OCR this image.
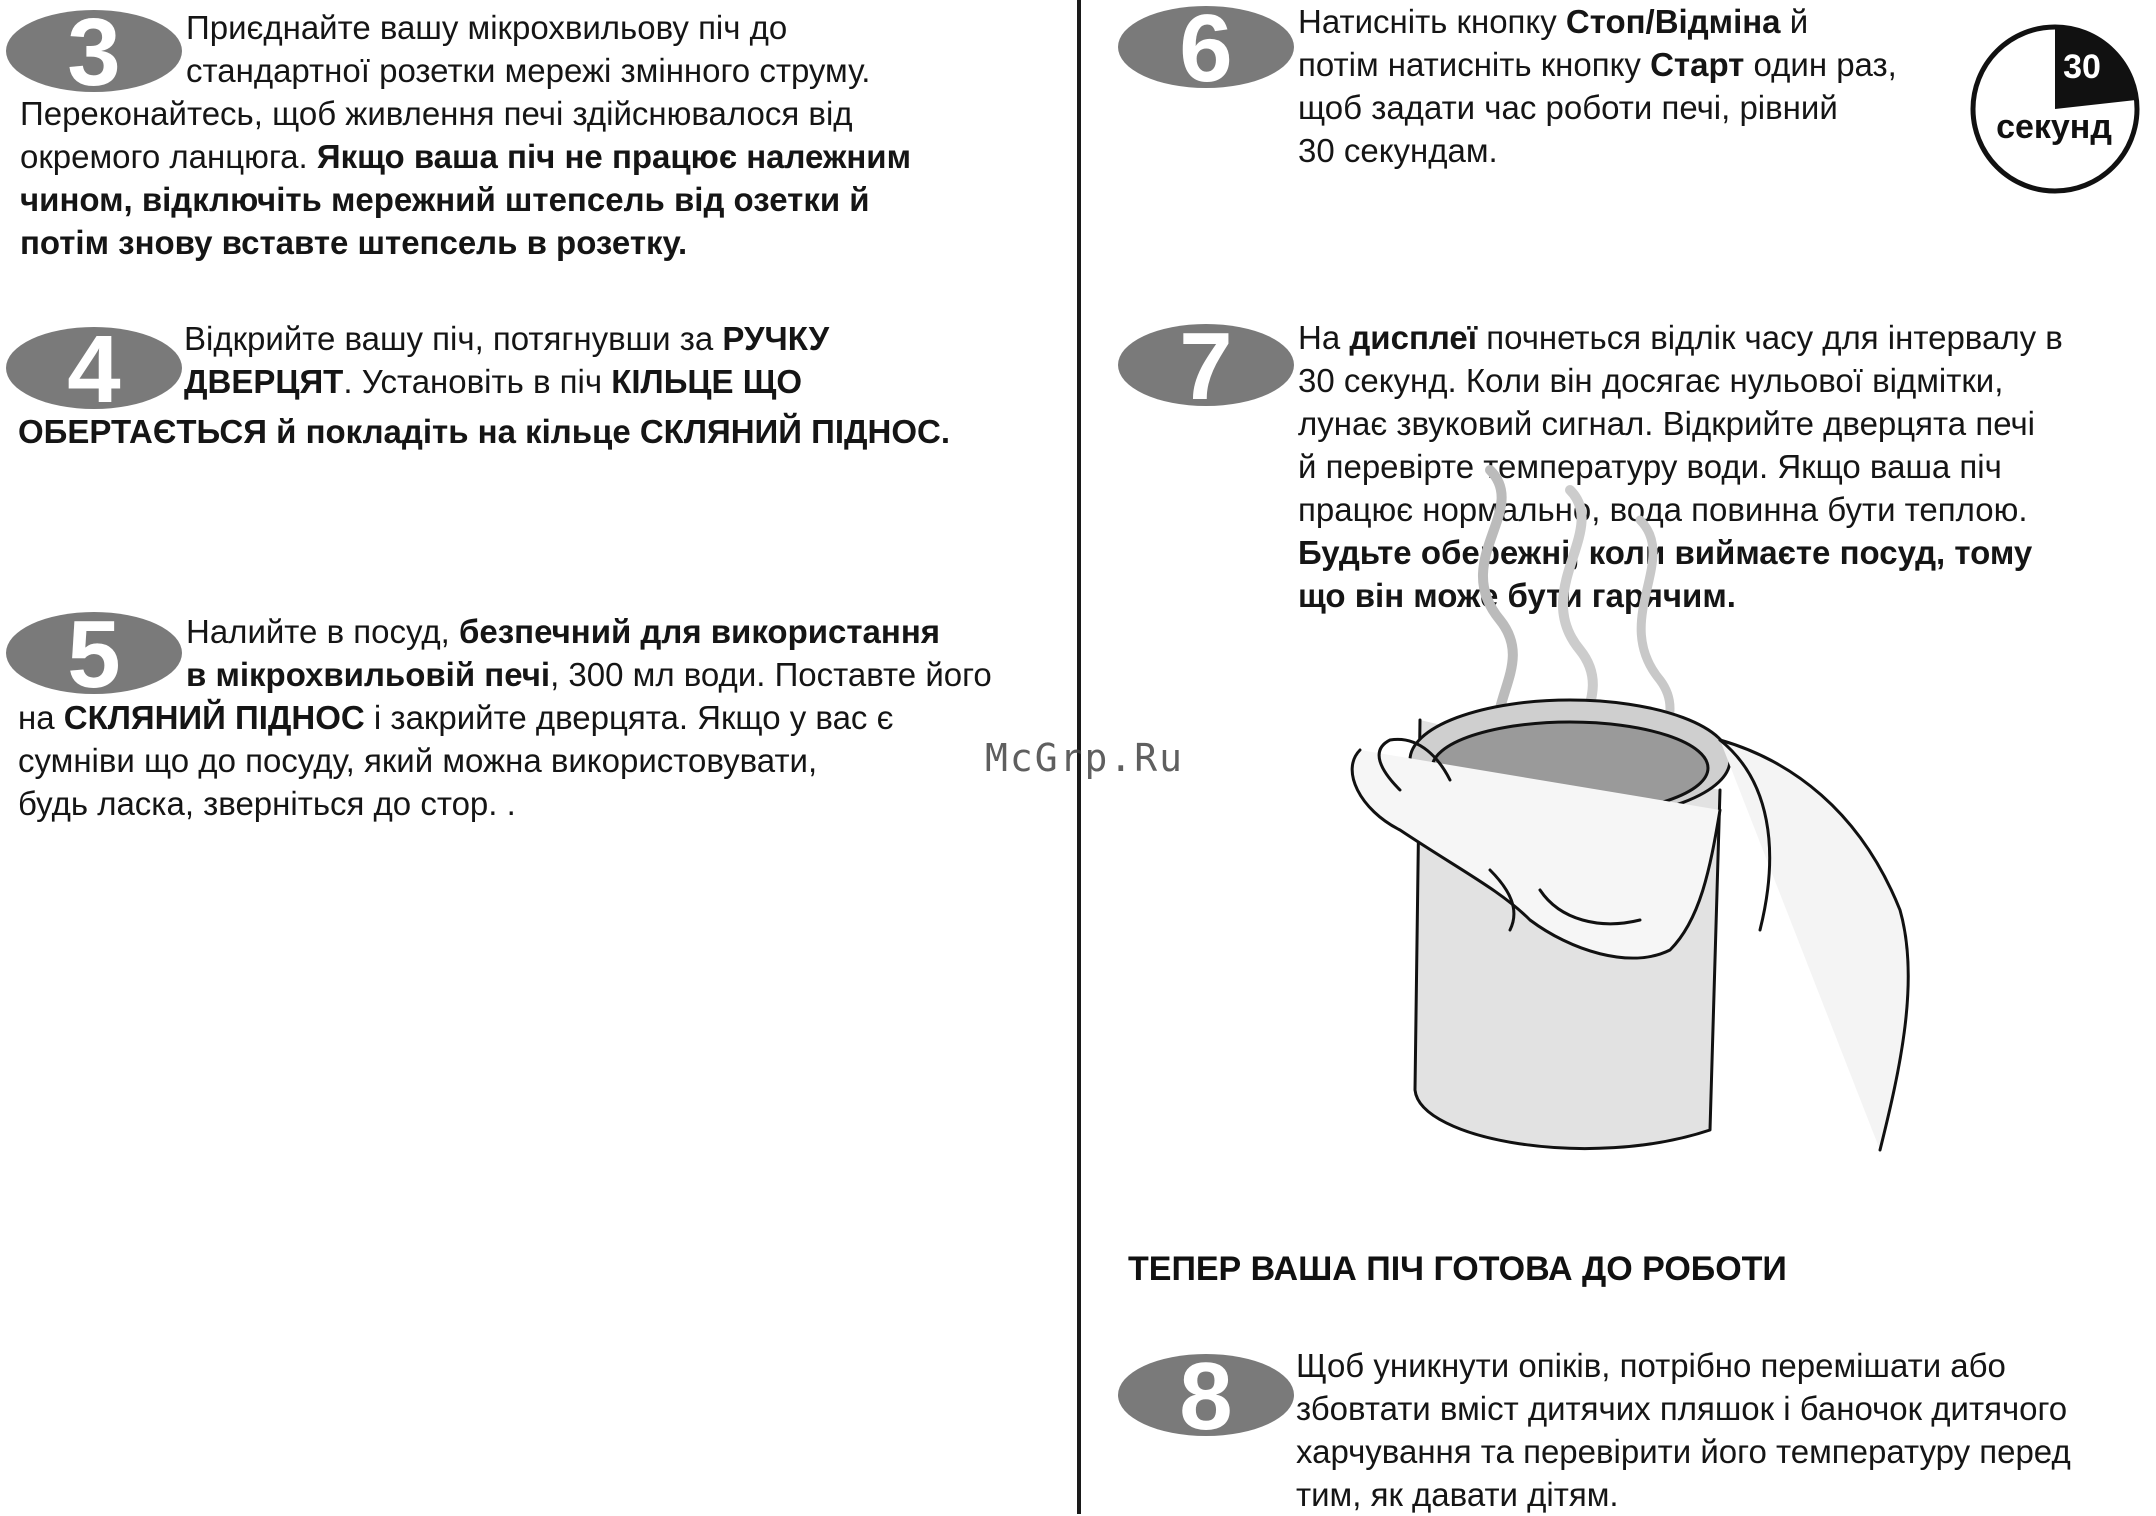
3 Приєднайте вашу мікрохвильову піч до
стандартної розетки мережі змінного струму.
Переконайтесь, щоб живлення печі здійснювалося від
окремого ланцюга. Якщо ваша піч не працює належним
чином, відключіть мережний штепсель від озетки й
потім знову вставте штепсель в розетку.
4 Відкрийте вашу піч, потягнувши за РУЧКУ
ДВЕРЦЯТ. Установіть в піч КІЛЬЦЕ ЩО
ОБЕРТАЄТЬСЯ й покладіть на кільце СКЛЯНИЙ ПІДНОС.
5 Налийте в посуд, безпечний для використання
в мікрохвильовій печі, 300 мл води. Поставте його
на СКЛЯНИЙ ПІДНОС і закрийте дверцята. Якщо у вас є
сумніви що до посуду, який можна використовувати,
будь ласка, зверніться до стор. .
McGrp.Ru
6 Натисніть кнопку Стоп/Відміна й
потім натисніть кнопку Старт один раз,
щоб задати час роботи печі, рівний
30 секундам.
30
секунд
7 На дисплеї почнеться відлік часу для інтервалу в
30 секунд. Коли він досягає нульової відмітки,
лунає звуковий сигнал. Відкрийте дверцята печі
й перевірте температуру води. Якщо ваша піч
працює нормально, вода повинна бути теплою.
Будьте обережні, коли виймаєте посуд, тому
що він може бути гарячим.
ТЕПЕР ВАША ПІЧ ГОТОВА ДО РОБОТИ
8 Щоб уникнути опіків, потрібно перемішати або
збовтати вміст дитячих пляшок і баночок дитячого
харчування та перевірити його температуру перед
тим, як давати дітям.
